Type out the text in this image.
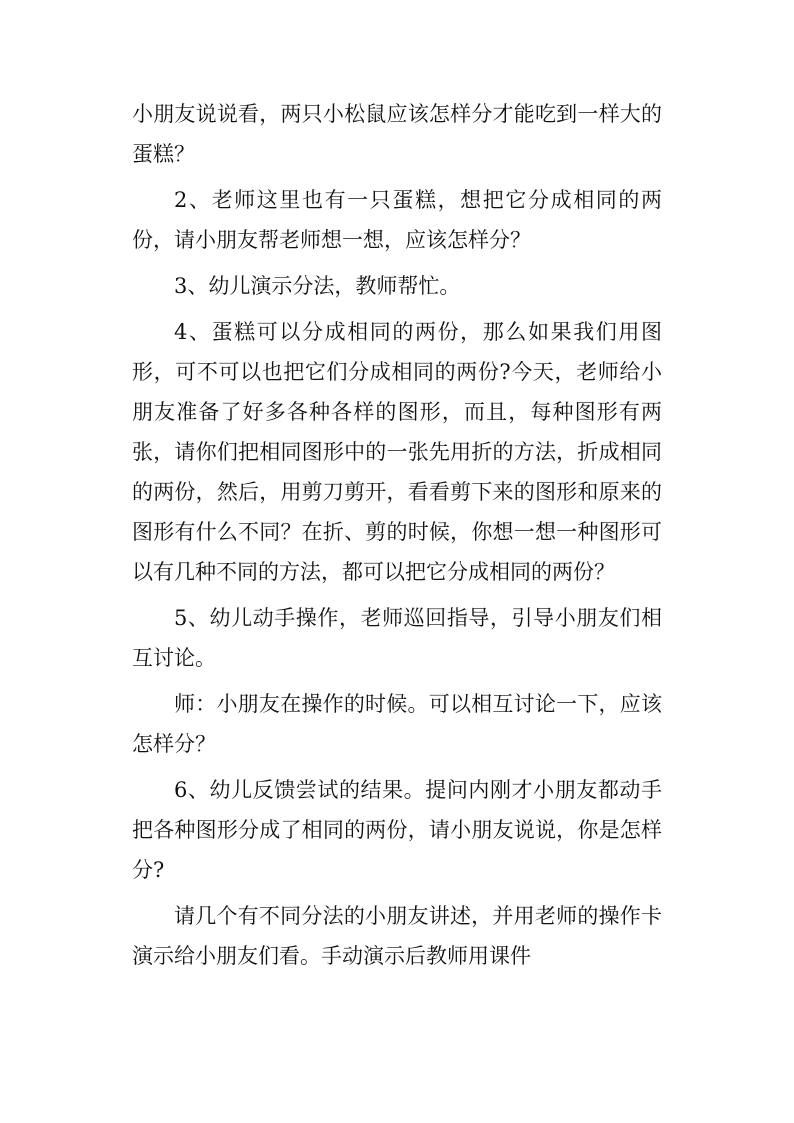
小朋友说说看，两只小松鼠应该怎样分才能吃到一样大的蛋糕？

2、老师这里也有一只蛋糕，想把它分成相同的两份，请小朋友帮老师想一想，应该怎样分？

3、幼儿演示分法，教师帮忙。

4、蛋糕可以分成相同的两份，那么如果我们用图形，可不可以也把它们分成相同的两份?今天，老师给小朋友准备了好多各种各样的图形，而且，每种图形有两张，请你们把相同图形中的一张先用折的方法，折成相同的两份，然后，用剪刀剪开，看看剪下来的图形和原来的图形有什么不同？在折、剪的时候，你想一想一种图形可以有几种不同的方法，都可以把它分成相同的两份？

5、幼儿动手操作，老师巡回指导，引导小朋友们相互讨论。

师：小朋友在操作的时候。可以相互讨论一下，应该怎样分？

6、幼儿反馈尝试的结果。提问内刚才小朋友都动手把各种图形分成了相同的两份，请小朋友说说，你是怎样分?

请几个有不同分法的小朋友讲述，并用老师的操作卡演示给小朋友们看。手动演示后教师用课件
